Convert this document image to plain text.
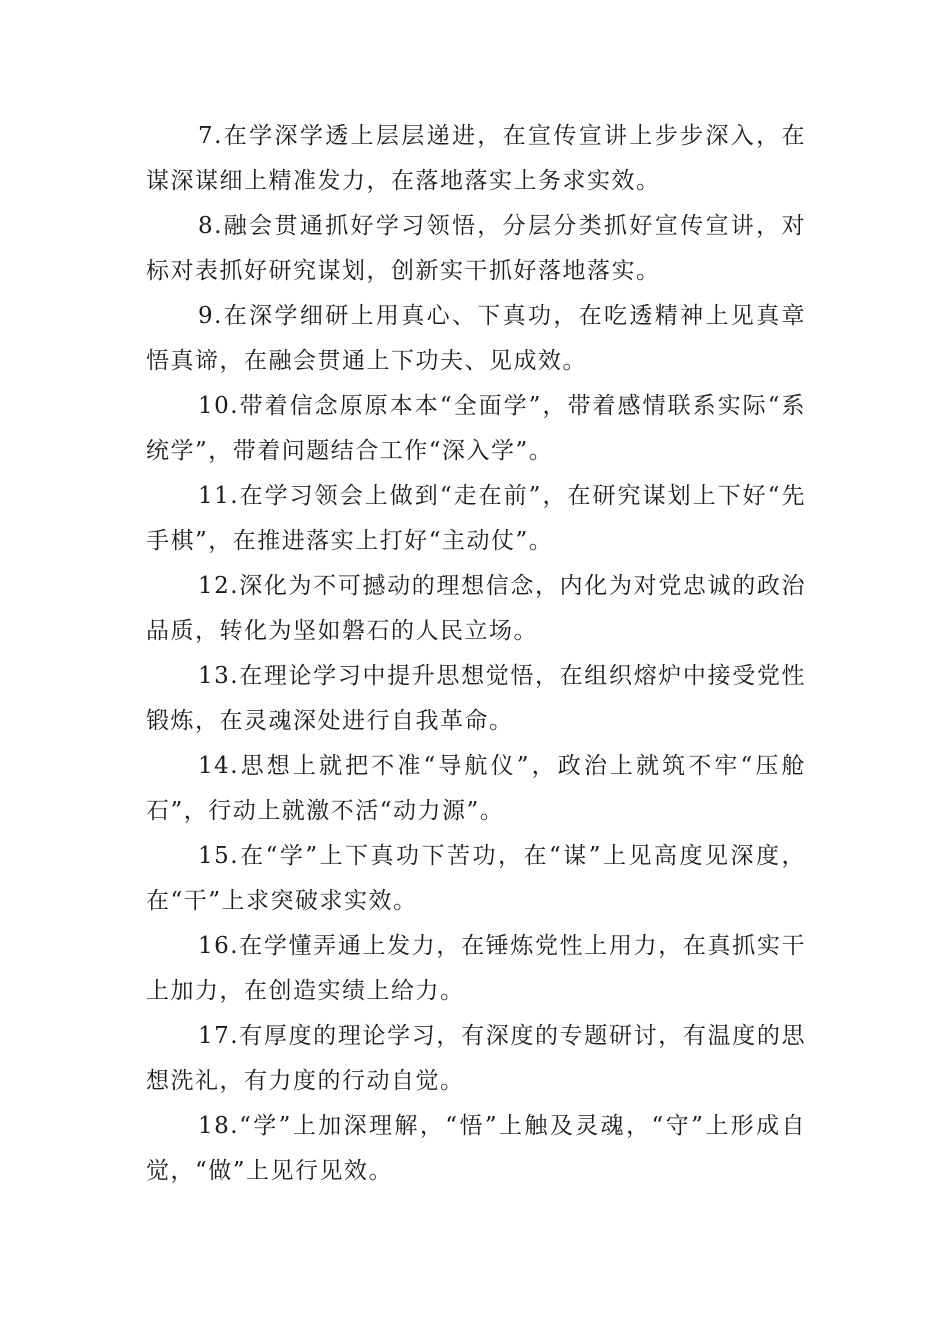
7.在学深学透上层层递进，在宣传宣讲上步步深入，在谋深谋细上精准发力，在落地落实上务求实效。

8.融会贯通抓好学习领悟，分层分类抓好宣传宣讲，对标对表抓好研究谋划，创新实干抓好落地落实。

9.在深学细研上用真心、下真功，在吃透精神上见真章悟真谛，在融会贯通上下功夫、见成效。

10.带着信念原原本本“全面学”，带着感情联系实际“系统学”，带着问题结合工作“深入学”。

11.在学习领会上做到“走在前”，在研究谋划上下好“先手棋”，在推进落实上打好“主动仗”。

12.深化为不可撼动的理想信念，内化为对党忠诚的政治品质，转化为坚如磐石的人民立场。

13.在理论学习中提升思想觉悟，在组织熔炉中接受党性锻炼，在灵魂深处进行自我革命。

14.思想上就把不准“导航仪”，政治上就筑不牢“压舱石”，行动上就激不活“动力源”。

15.在“学”上下真功下苦功，在“谋”上见高度见深度，在“干”上求突破求实效。

16.在学懂弄通上发力，在锤炼党性上用力，在真抓实干上加力，在创造实绩上给力。

17.有厚度的理论学习，有深度的专题研讨，有温度的思想洗礼，有力度的行动自觉。

18.“学”上加深理解，“悟”上触及灵魂，“守”上形成自觉，“做”上见行见效。
